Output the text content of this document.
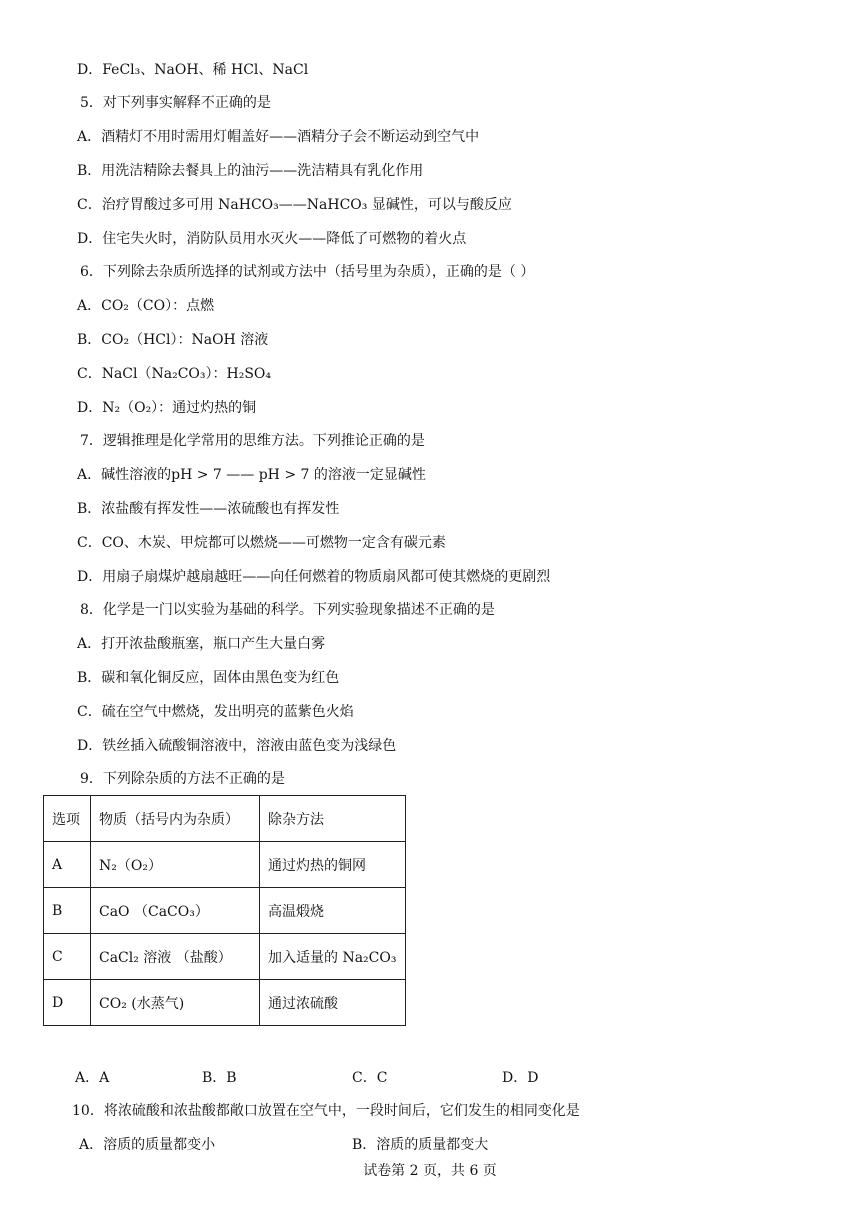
D．FeCl₃、NaOH、稀 HCl、NaCl
5．对下列事实解释不正确的是
A．酒精灯不用时需用灯帽盖好——酒精分子会不断运动到空气中
B．用洗洁精除去餐具上的油污——洗洁精具有乳化作用
C．治疗胃酸过多可用 NaHCO₃——NaHCO₃ 显碱性，可以与酸反应
D．住宅失火时，消防队员用水灭火——降低了可燃物的着火点
6．下列除去杂质所选择的试剂或方法中（括号里为杂质），正确的是（ ）
A．CO₂（CO）：点燃
B．CO₂（HCl）：NaOH 溶液
C．NaCl（Na₂CO₃）：H₂SO₄
D．N₂（O₂）：通过灼热的铜
7．逻辑推理是化学常用的思维方法。下列推论正确的是
A．碱性溶液的pH > 7 —— pH > 7 的溶液一定显碱性
B．浓盐酸有挥发性——浓硫酸也有挥发性
C．CO、木炭、甲烷都可以燃烧——可燃物一定含有碳元素
D．用扇子扇煤炉越扇越旺——向任何燃着的物质扇风都可使其燃烧的更剧烈
8．化学是一门以实验为基础的科学。下列实验现象描述不正确的是
A．打开浓盐酸瓶塞，瓶口产生大量白雾
B．碳和氧化铜反应，固体由黑色变为红色
C．硫在空气中燃烧，发出明亮的蓝紫色火焰
D．铁丝插入硫酸铜溶液中，溶液由蓝色变为浅绿色
9．下列除杂质的方法不正确的是
选项	物质（括号内为杂质）	除杂方法
A	N₂（O₂）	通过灼热的铜网
B	CaO （CaCO₃）	高温煅烧
C	CaCl₂ 溶液 （盐酸）	加入适量的 Na₂CO₃
D	CO₂ (水蒸气)	通过浓硫酸
A．A	B．B	C．C	D．D
10．将浓硫酸和浓盐酸都敞口放置在空气中，一段时间后，它们发生的相同变化是
A．溶质的质量都变小	B．溶质的质量都变大
试卷第 2 页，共 6 页
